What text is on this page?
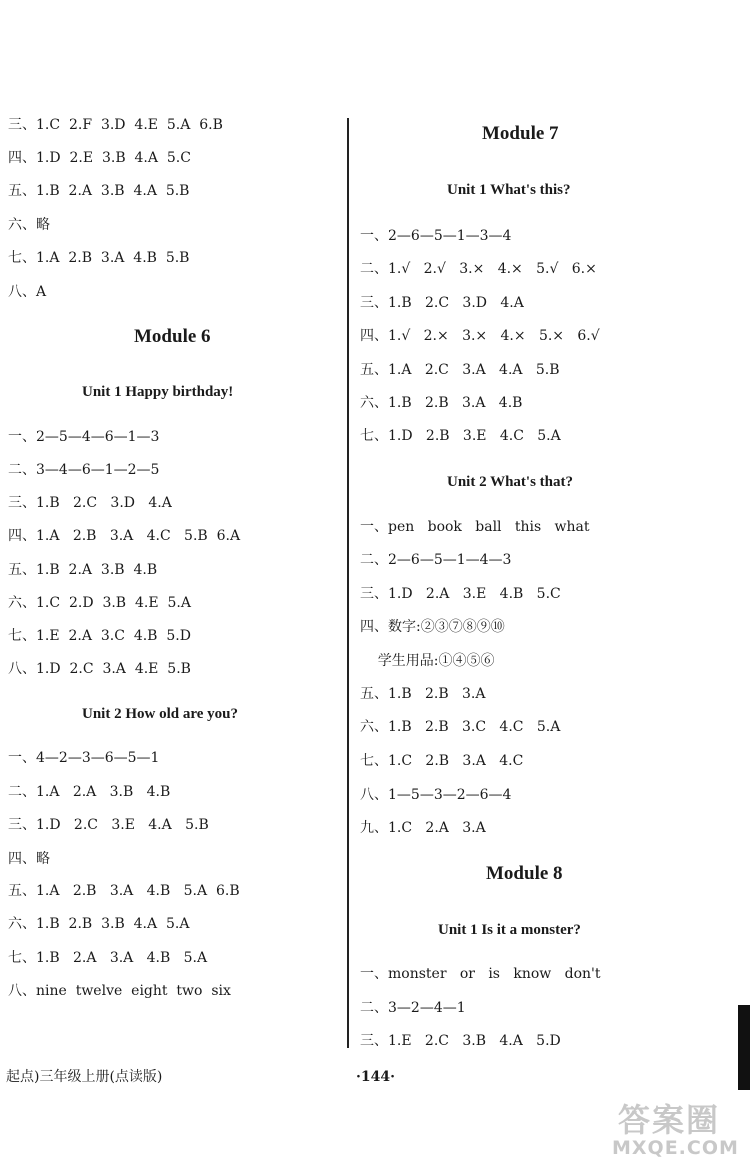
三、1.C  2.F  3.D  4.E  5.A  6.B
四、1.D  2.E  3.B  4.A  5.C
五、1.B  2.A  3.B  4.A  5.B
六、略
七、1.A  2.B  3.A  4.B  5.B
八、A
Module 6
Unit 1 Happy birthday!
一、2—5—4—6—1—3
二、3—4—6—1—2—5
三、1.B   2.C   3.D   4.A
四、1.A   2.B   3.A   4.C   5.B  6.A
五、1.B  2.A  3.B  4.B
六、1.C  2.D  3.B  4.E  5.A
七、1.E  2.A  3.C  4.B  5.D
八、1.D  2.C  3.A  4.E  5.B
Unit 2 How old are you?
一、4—2—3—6—5—1
二、1.A   2.A   3.B   4.B
三、1.D   2.C   3.E   4.A   5.B
四、略
五、1.A   2.B   3.A   4.B   5.A  6.B
六、1.B  2.B  3.B  4.A  5.A
七、1.B   2.A   3.A   4.B   5.A
八、nine  twelve  eight  two  six
Module 7
Unit 1 What's this?
一、2—6—5—1—3—4
二、1.√   2.√   3.×   4.×   5.√   6.×
三、1.B   2.C   3.D   4.A
四、1.√   2.×   3.×   4.×   5.×   6.√
五、1.A   2.C   3.A   4.A   5.B
六、1.B   2.B   3.A   4.B
七、1.D   2.B   3.E   4.C   5.A
Unit 2 What's that?
一、pen   book   ball   this   what
二、2—6—5—1—4—3
三、1.D   2.A   3.E   4.B   5.C
四、数字:②③⑦⑧⑨⑩
学生用品:①④⑤⑥
五、1.B   2.B   3.A
六、1.B   2.B   3.C   4.C   5.A
七、1.C   2.B   3.A   4.C
八、1—5—3—2—6—4
九、1.C   2.A   3.A
Module 8
Unit 1 Is it a monster?
一、monster   or   is   know   don't
二、3—2—4—1
三、1.E   2.C   3.B   4.A   5.D
起点)三年级上册(点读版)	·144·
答案圈
MXQE.COM
